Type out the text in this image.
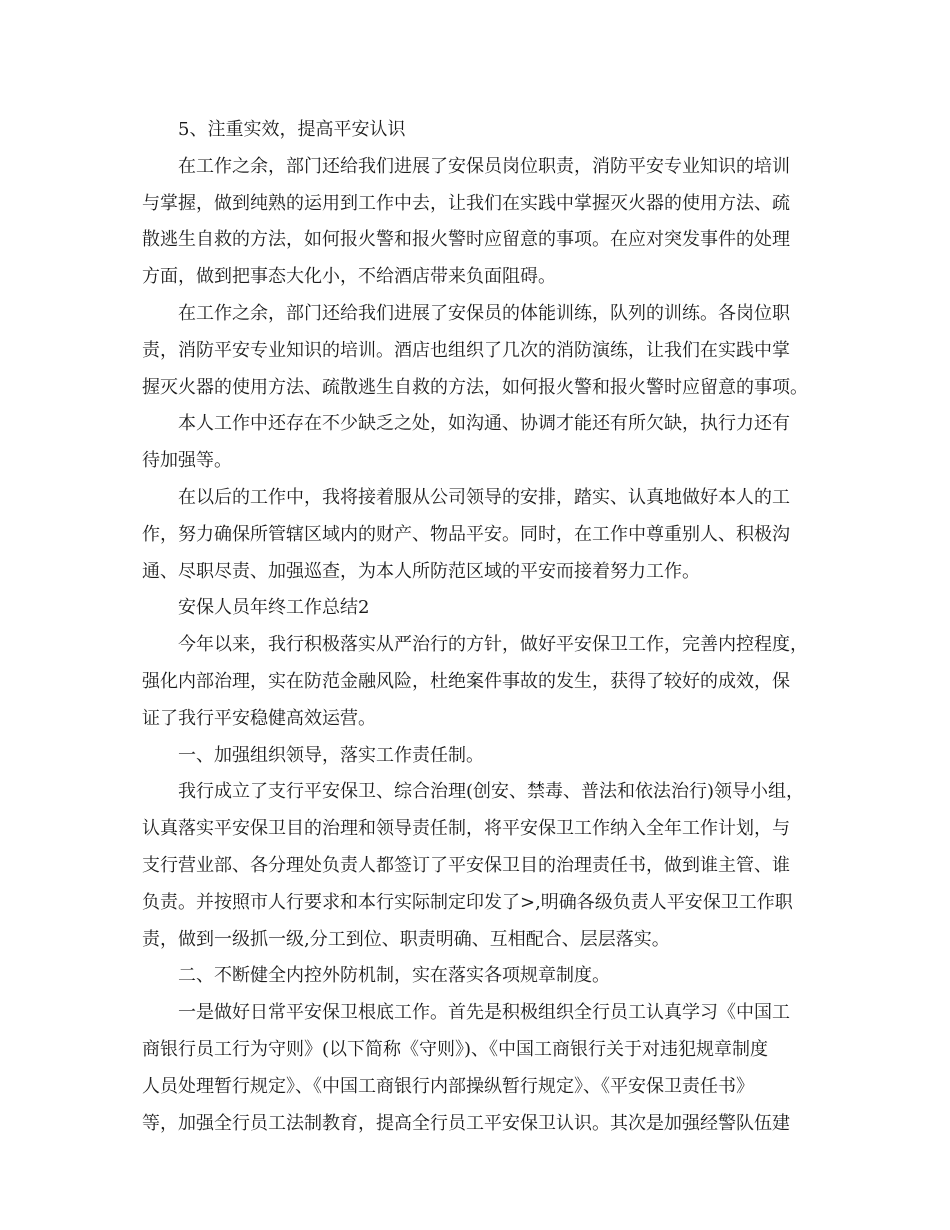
5、注重实效，提高平安认识
在工作之余，部门还给我们进展了安保员岗位职责，消防平安专业知识的培训
与掌握，做到纯熟的运用到工作中去，让我们在实践中掌握灭火器的使用方法、疏
散逃生自救的方法，如何报火警和报火警时应留意的事项。在应对突发事件的处理
方面，做到把事态大化小，不给酒店带来负面阻碍。
在工作之余，部门还给我们进展了安保员的体能训练，队列的训练。各岗位职
责，消防平安专业知识的培训。酒店也组织了几次的消防演练，让我们在实践中掌
握灭火器的使用方法、疏散逃生自救的方法，如何报火警和报火警时应留意的事项。
本人工作中还存在不少缺乏之处，如沟通、协调才能还有所欠缺，执行力还有
待加强等。
在以后的工作中，我将接着服从公司领导的安排，踏实、认真地做好本人的工
作，努力确保所管辖区域内的财产、物品平安。同时，在工作中尊重别人、积极沟
通、尽职尽责、加强巡查，为本人所防范区域的平安而接着努力工作。
安保人员年终工作总结2
今年以来，我行积极落实从严治行的方针，做好平安保卫工作，完善内控程度，
强化内部治理，实在防范金融风险，杜绝案件事故的发生，获得了较好的成效，保
证了我行平安稳健高效运营。
一、加强组织领导，落实工作责任制。
我行成立了支行平安保卫、综合治理(创安、禁毒、普法和依法治行)领导小组，
认真落实平安保卫目的治理和领导责任制，将平安保卫工作纳入全年工作计划，与
支行营业部、各分理处负责人都签订了平安保卫目的治理责任书，做到谁主管、谁
负责。并按照市人行要求和本行实际制定印发了>,明确各级负责人平安保卫工作职
责，做到一级抓一级,分工到位、职责明确、互相配合、层层落实。
二、不断健全内控外防机制，实在落实各项规章制度。
一是做好日常平安保卫根底工作。首先是积极组织全行员工认真学习《中国工
商银行员工行为守则》(以下简称《守则》)、《中国工商银行关于对违犯规章制度
人员处理暂行规定》、《中国工商银行内部操纵暂行规定》、《平安保卫责任书》
等，加强全行员工法制教育，提高全行员工平安保卫认识。其次是加强经警队伍建
